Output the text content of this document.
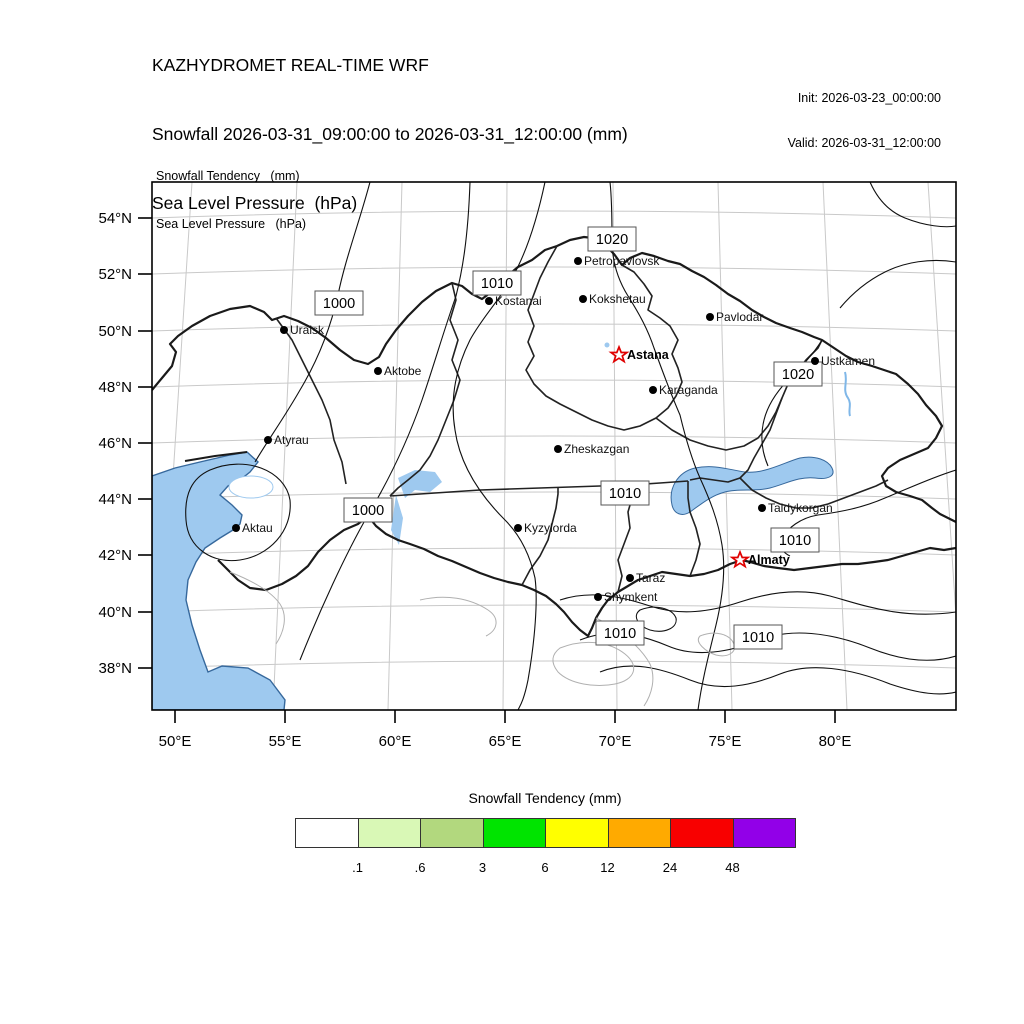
KAZHYDROMET REAL-TIME WRF

Snowfall 2026-03-31_09:00:00 to 2026-03-31_12:00:00 (mm)

Sea Level Pressure  (hPa)

Init: 2026-03-23_00:00:00

Valid: 2026-03-31_12:00:00

Snowfall Tendency   (mm)

Sea Level Pressure   (hPa)

54°N
52°N
50°N
48°N
46°N
44°N
42°N
40°N
38°N
50°E	55°E	60°E	65°E	70°E	75°E	80°E
1020
1010
1000
1020
1010
1000
1010
1010	1010
Uralsk
Aktobe
Atyrau
Aktau
Kostanai
Petropavlovsk
Kokshetau
Pavlodar
Ustkamen
Karaganda
Zheskazgan
Kyzylorda
Taraz
Shymkent
Taldykorgan
Astana
Almaty
Snowfall Tendency (mm)
.1	.6	3	6	12	24	48
